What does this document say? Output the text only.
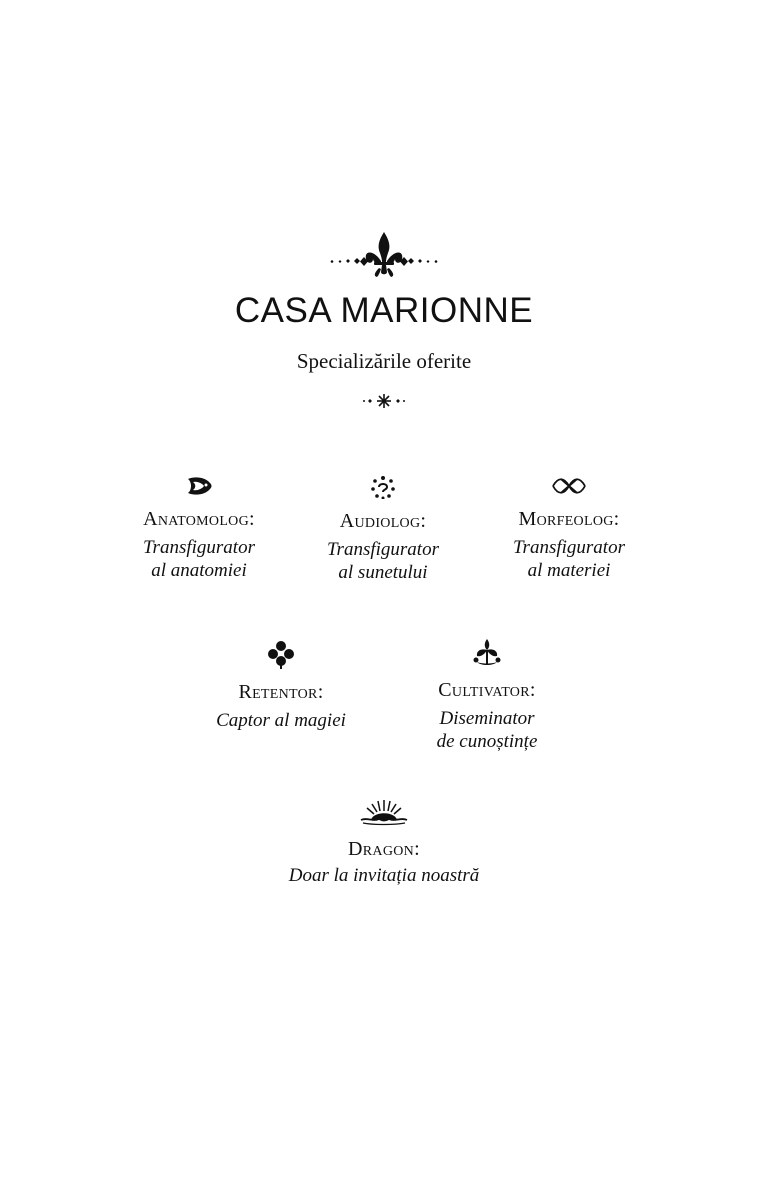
CASA MARIONNE
Specializările oferite
Anatomolog:
Transfigurator
al anatomiei
Audiolog:
Transfigurator
al sunetului
Morfeolog:
Transfigurator
al materiei
Retentor:
Captor al magiei
Cultivator:
Diseminator
de cunoștințe
Dragon:
Doar la invitația noastră
